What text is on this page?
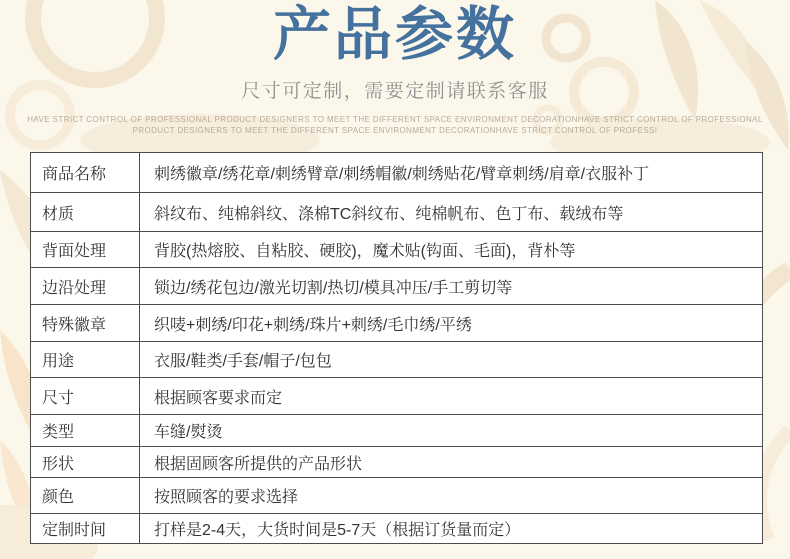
产品参数
尺寸可定制，需要定制请联系客服
HAVE STRICT CONTROL OF PROFESSIONAL PRODUCT DESIGNERS TO MEET THE DIFFERENT SPACE ENVIRONMENT DECORATIONHAVE STRICT CONTROL OF PROFESSIONAL
PRODUCT DESIGNERS TO MEET THE DIFFERENT SPACE ENVIRONMENT DECORATIONHAVE STRICT CONTROL OF PROFESSI
商品名称	刺绣徽章/绣花章/刺绣臂章/刺绣帽徽/刺绣贴花/臂章刺绣/肩章/衣服补丁
材质	斜纹布、纯棉斜纹、涤棉TC斜纹布、纯棉帆布、色丁布、载绒布等
背面处理	背胶(热熔胶、自粘胶、硬胶)，魔术贴(钩面、毛面)，背朴等
边沿处理	锁边/绣花包边/激光切割/热切/模具冲压/手工剪切等
特殊徽章	织唛+刺绣/印花+刺绣/珠片+刺绣/毛巾绣/平绣
用途	衣服/鞋类/手套/帽子/包包
尺寸	根据顾客要求而定
类型	车缝/熨烫
形状	根据固顾客所提供的产品形状
颜色	按照顾客的要求选择
定制时间	打样是2-4天，大货时间是5-7天（根据订货量而定）
